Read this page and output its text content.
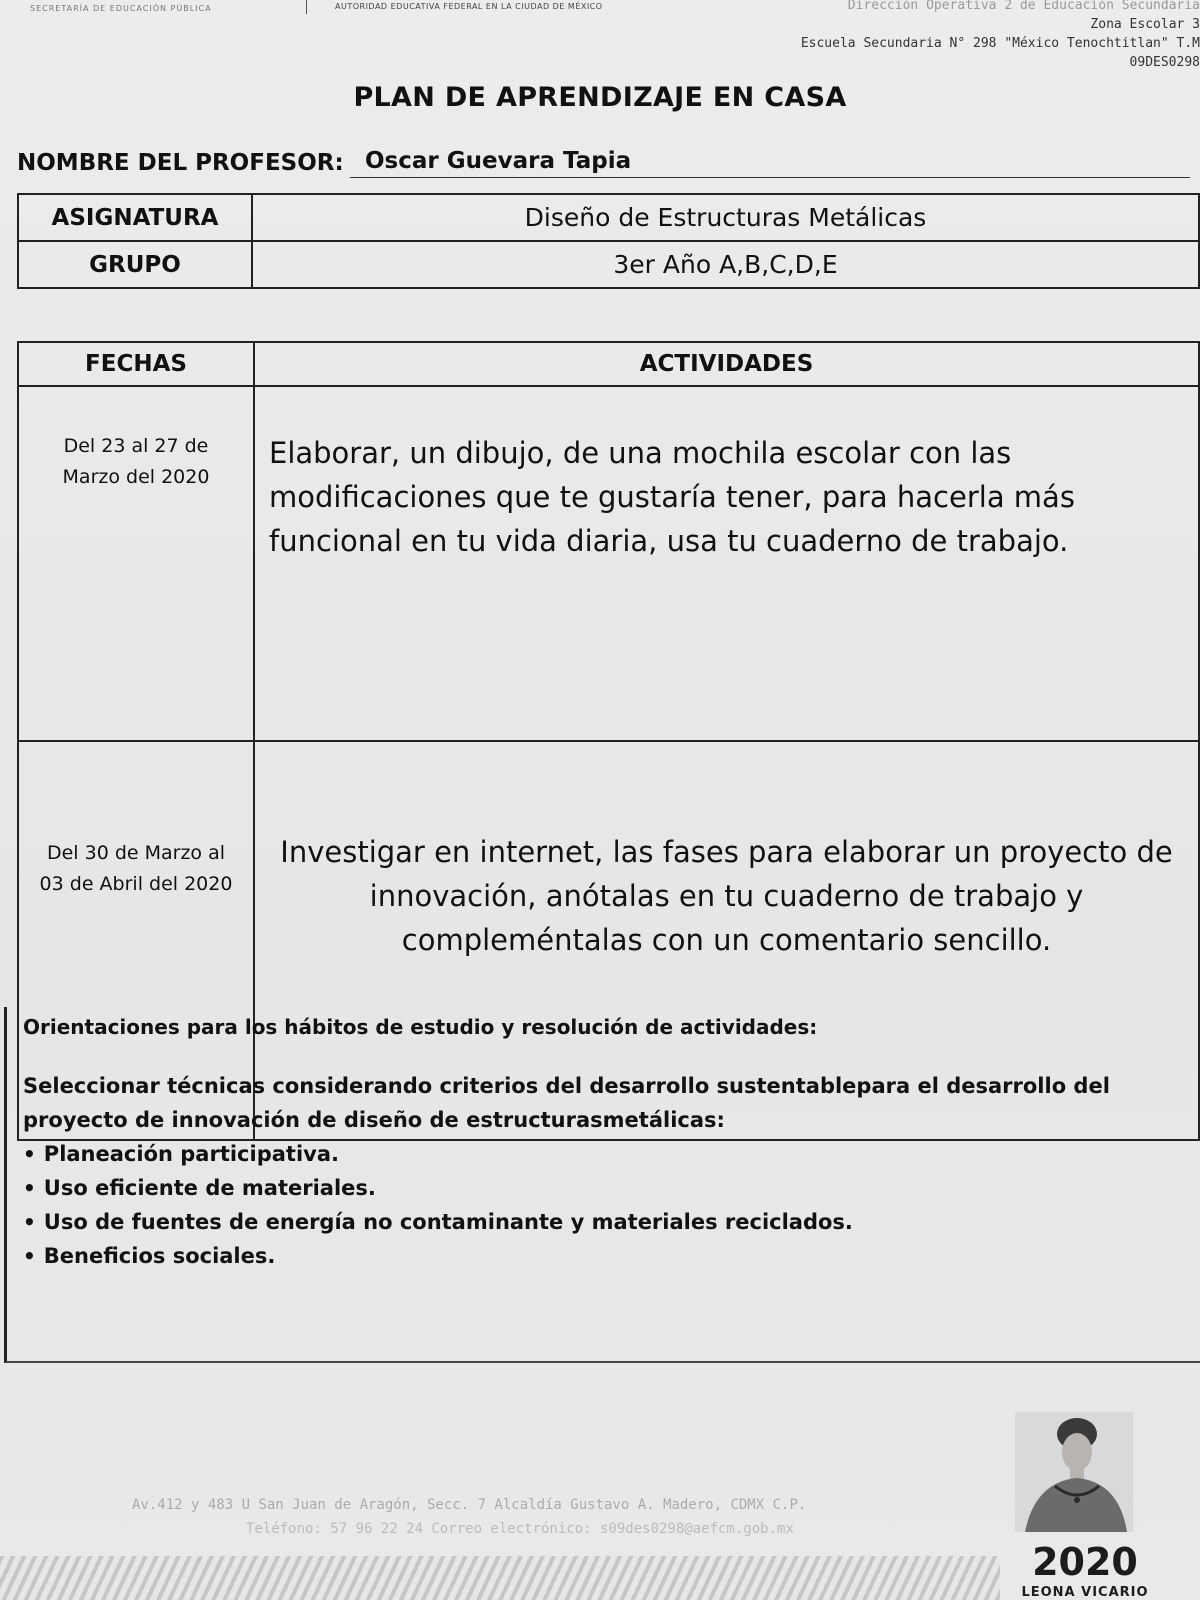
SECRETARÍA DE EDUCACIÓN PÚBLICA	AUTORIDAD EDUCATIVA FEDERAL EN LA CIUDAD DE MÉXICO	Dirección Operativa 2 de Educación Secundaria
Zona Escolar 3
Escuela Secundaria N° 298 "México Tenochtitlan" T.M
09DES0298
PLAN DE APRENDIZAJE EN CASA
NOMBRE DEL PROFESOR: Oscar Guevara Tapia
ASIGNATURA	Diseño de Estructuras Metálicas
GRUPO	3er Año A,B,C,D,E
FECHAS	ACTIVIDADES

Del 23 al 27 de
Marzo del 2020	Elaborar, un dibujo, de una mochila escolar con las modificaciones que te gustaría tener, para hacerla más funcional en tu vida diaria, usa tu cuaderno de trabajo.

Del 30 de Marzo al
03 de Abril del 2020	Investigar en internet, las fases para elaborar un proyecto de innovación, anótalas en tu cuaderno de trabajo y compleméntalas con un comentario sencillo.
Orientaciones para los hábitos de estudio y resolución de actividades:
Seleccionar técnicas considerando criterios del desarrollo sustentablepara el desarrollo del proyecto de innovación de diseño de estructurasmetálicas:
• Planeación participativa.
• Uso eficiente de materiales.
• Uso de fuentes de energía no contaminante y materiales reciclados.
• Beneficios sociales.
Av.412 y 483 U San Juan de Aragón, Secc. 7 Alcaldía Gustavo A. Madero, CDMX C.P.
Teléfono: 57 96 22 24 Correo electrónico: s09des0298@aefcm.gob.mx
2020
LEONA VICARIO
